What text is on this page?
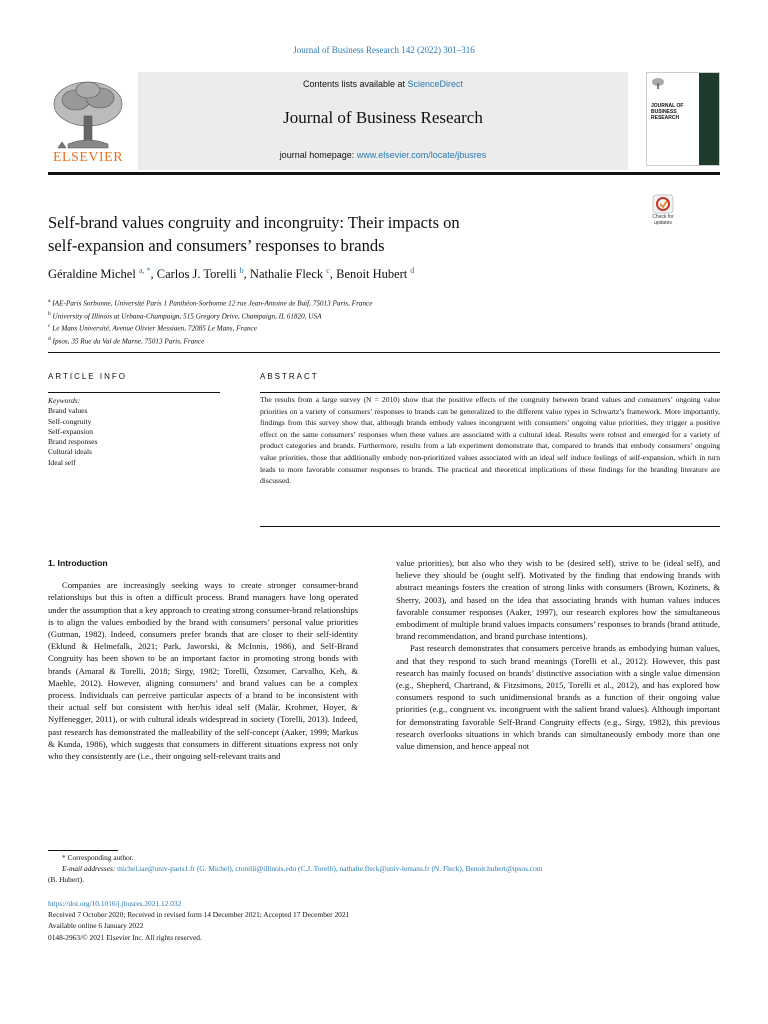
Journal of Business Research 142 (2022) 301–316
ELSEVIER
Contents lists available at ScienceDirect
Journal of Business Research
journal homepage: www.elsevier.com/locate/jbusres
JOURNAL OF BUSINESS RESEARCH
Check for updates
Self-brand values congruity and incongruity: Their impacts on
self-expansion and consumers’ responses to brands
Géraldine Michel $^{a, *}$, Carlos J. Torelli $^b$, Nathalie Fleck $^c$, Benoit Hubert $^d$
$^a$ IAE-Paris Sorbonne, Université Paris 1 Panthéon-Sorbonne 12 rue Jean-Antoine de Baïf, 75013 Paris, France
$^b$ University of Illinois at Urbana-Champaign, 515 Gregory Drive, Champaign, IL 61820, USA
$^c$ Le Mans Université, Avenue Olivier Messiaen, 72085 Le Mans, France
$^d$ Ipsos, 35 Rue du Val de Marne, 75013 Paris, France
ARTICLE INFO	ABSTRACT
Keywords:
Brand values
Self-congruity
Self-expansion
Brand responses
Cultural ideals
Ideal self
The results from a large survey (N = 2010) show that the positive effects of the congruity between brand values and consumers’ ongoing value priorities on a variety of consumers’ responses to brands can be generalized to the different value types in Schwartz’s framework. More importantly, findings from this survey show that, although brands embody values incongruent with consumers’ ongoing value priorities, they trigger a positive effect on the same consumers’ responses when these values are associated with a cultural ideal. Results were robust and emerged for a variety of product categories and brands. Furthermore, results from a lab experiment demonstrate that, compared to brands that embody consumers’ ongoing value priorities, those that additionally embody non-prioritized values associated with an ideal self induce feelings of self-expansion, which in turn leads to more favorable consumer responses to brands. The practical and theoretical implications of these findings for the branding literature are discussed.
1. Introduction

Companies are increasingly seeking ways to create stronger consumer-brand relationships but this is often a difficult process. Brand managers have long operated under the assumption that a key approach to creating strong consumer-brand relationships is to align the values embodied by the brand with consumers’ personal value priorities (Gutman, 1982). Indeed, consumers prefer brands that are closer to their self-identity (Eklund & Helmefalk, 2021; Park, Jaworski, & McInnis, 1986), and Self-Brand Congruity has been shown to be an important factor in promoting strong bonds with brands (Amaral & Torelli, 2018; Sirgy, 1982; Torelli, Özsomer, Carvalho, Keh, & Maehle, 2012). However, aligning consumers’ and brand values can be a complex process. Individuals can perceive particular aspects of a brand to be inconsistent with their actual self but consistent with her/his ideal self (Malär, Krohmer, Hoyer, & Nyffenegger, 2011), or with cultural ideals widespread in society (Torelli, 2013). Indeed, past research has demonstrated the malleability of the self-concept (Aaker, 1999; Markus & Kunda, 1986), which suggests that consumers in different situations express not only who they consistently are (i.e., their ongoing self-relevant traits and

value priorities), but also who they wish to be (desired self), strive to be (ideal self), and believe they should be (ought self). Motivated by the finding that endowing brands with abstract meanings fosters the creation of strong links with consumers (Brown, Kozinets, & Sherry, 2003), and based on the idea that associating brands with human values induces favorable consumer responses (Aaker, 1997), our research explores how the simultaneous embodiment of multiple brand values impacts consumers’ responses to brands (brand attitude, brand recommendation, and brand purchase intentions).

Past research demonstrates that consumers perceive brands as embodying human values, and that they respond to such brand meanings (Torelli et al., 2012). However, this past research has mainly focused on brands’ distinctive association with a single value dimension (e.g., Shepherd, Chartrand, & Fitzsimons, 2015, Torelli et al., 2012), and has explored how consumers respond to such unidimensional brands as a function of their ongoing value priorities (e.g., congruent vs. incongruent with the salient brand values). Although important for demonstrating favorable Self-Brand Congruity effects (e.g., Sirgy, 1982), this previous research overlooks situations in which brands can simultaneously embody more than one value dimension, and hence appeal not

* Corresponding author.
E-mail addresses: michel.iae@univ-paris1.fr (G. Michel), ctorelli@illinois.edu (C.J. Torelli), nathalie.fleck@univ-lemans.fr (N. Fleck), Benoit.hubert@ipsos.com
(B. Hubert).
https://doi.org/10.1016/j.jbusres.2021.12.032
Received 7 October 2020; Received in revised form 14 December 2021; Accepted 17 December 2021
Available online 6 January 2022
0148-2963/© 2021 Elsevier Inc. All rights reserved.
